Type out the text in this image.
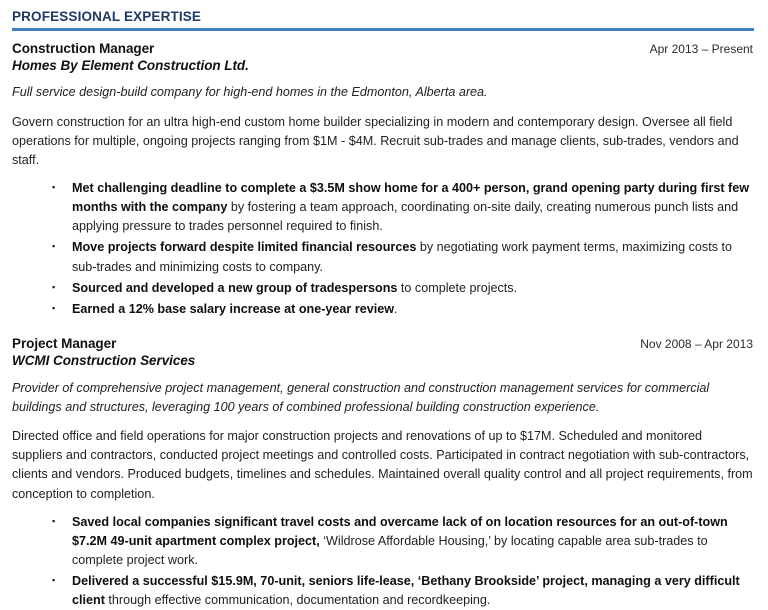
PROFESSIONAL EXPERTISE
Construction Manager	Apr 2013 – Present
Homes By Element Construction Ltd.
Full service design-build company for high-end homes in the Edmonton, Alberta area.
Govern construction for an ultra high-end custom home builder specializing in modern and contemporary design. Oversee all field operations for multiple, ongoing projects ranging from $1M - $4M. Recruit sub-trades and manage clients, sub-trades, vendors and staff.
▪ Met challenging deadline to complete a $3.5M show home for a 400+ person, grand opening party during first few months with the company by fostering a team approach, coordinating on-site daily, creating numerous punch lists and applying pressure to trades personnel required to finish.
▪ Move projects forward despite limited financial resources by negotiating work payment terms, maximizing costs to sub-trades and minimizing costs to company.
▪ Sourced and developed a new group of tradespersons to complete projects.
▪ Earned a 12% base salary increase at one-year review.
Project Manager	Nov 2008 – Apr 2013
WCMI Construction Services
Provider of comprehensive project management, general construction and construction management services for commercial buildings and structures, leveraging 100 years of combined professional building construction experience.
Directed office and field operations for major construction projects and renovations of up to $17M. Scheduled and monitored suppliers and contractors, conducted project meetings and controlled costs. Participated in contract negotiation with sub-contractors, clients and vendors. Produced budgets, timelines and schedules. Maintained overall quality control and all project requirements, from conception to completion.
▪ Saved local companies significant travel costs and overcame lack of on location resources for an out-of-town $7.2M 49-unit apartment complex project, ‘Wildrose Affordable Housing,’ by locating capable area sub-trades to complete project work.
▪ Delivered a successful $15.9M, 70-unit, seniors life-lease, ‘Bethany Brookside’ project, managing a very difficult client through effective communication, documentation and recordkeeping.
